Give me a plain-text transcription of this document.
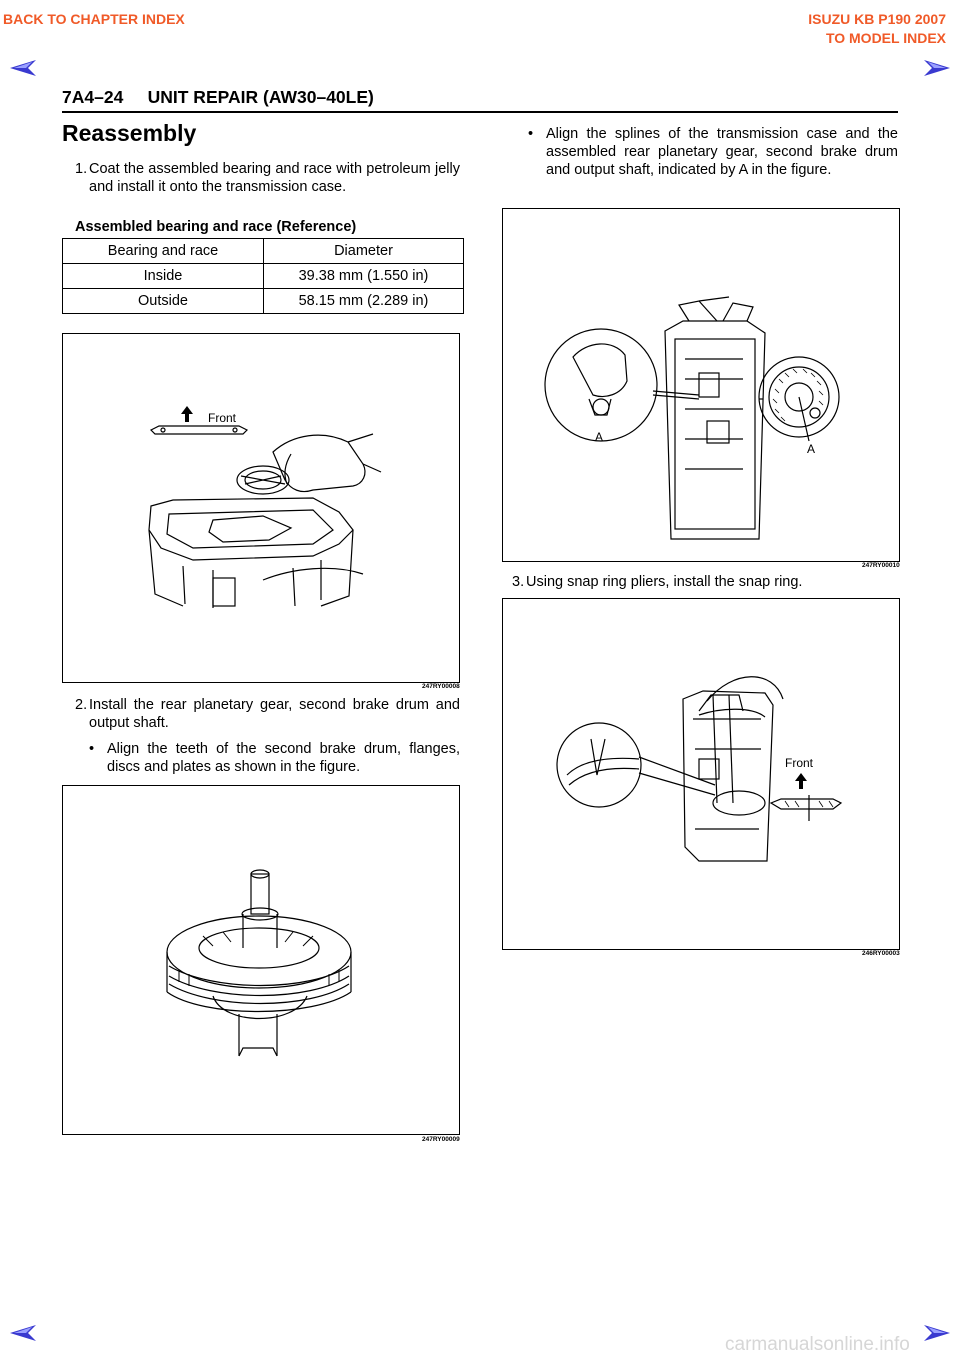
BACK TO CHAPTER INDEX	ISUZU KB P190 2007
TO MODEL INDEX
7A4–24     UNIT REPAIR (AW30–40LE)
Reassembly
1. Coat the assembled bearing and race with petroleum jelly and install it onto the transmission case.
Assembled bearing and race (Reference)
Bearing and race	Diameter
Inside	39.38 mm (1.550 in)
Outside	58.15 mm (2.289 in)
Front
247RY00008
2. Install the rear planetary gear, second brake drum and output shaft.
• Align the teeth of the second brake drum, flanges, discs and plates as shown in the figure.
247RY00009
• Align the splines of the transmission case and the assembled rear planetary gear, second brake drum and output shaft, indicated by A in the figure.
A
A
247RY00010
3. Using snap ring pliers, install the snap ring.
Front
246RY00003
carmanualsonline.info
